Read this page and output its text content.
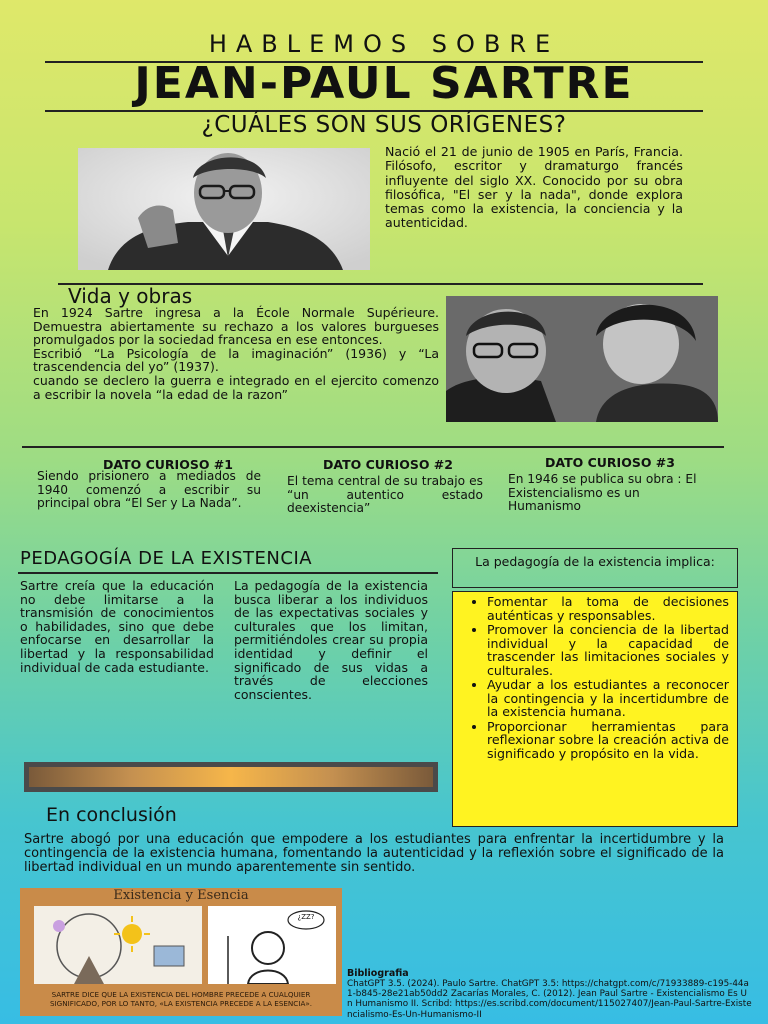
HABLEMOS SOBRE
JEAN-PAUL SARTRE
¿CUÁLES SON SUS ORÍGENES?
Nació el 21 de junio de 1905 en París, Francia. Filósofo, escritor y dramaturgo francés influyente del siglo XX. Conocido por su obra filosófica, "El ser y la nada", donde explora temas como la existencia, la conciencia y la autenticidad.
Vida y obras
En 1924 Sartre ingresa a la École Normale Supérieure. Demuestra abiertamente su rechazo a los valores burgueses promulgados por la sociedad francesa en ese entonces.
Escribió “La Psicología de la imaginación” (1936) y “La trascendencia del yo” (1937).
cuando se declero la guerra e integrado en el ejercito comenzo a escribir la novela “la edad de la razon”
DATO CURIOSO #1
Siendo prisionero a mediados de 1940 comenzó a escribir su principal obra “El Ser y La Nada”.
DATO CURIOSO #2
El tema central de su trabajo es “un autentico estado deexistencia”
DATO CURIOSO #3
En 1946 se publica su obra : El Existencialismo es un Humanismo
PEDAGOGÍA DE LA EXISTENCIA
Sartre creía que la educación no debe limitarse a la transmisión de conocimientos o habilidades, sino que debe enfocarse en desarrollar la libertad y la responsabilidad individual de cada estudiante.
La pedagogía de la existencia busca liberar a los individuos de las expectativas sociales y culturales que los limitan, permitiéndoles crear su propia identidad y definir el significado de sus vidas a través de elecciones conscientes.
La pedagogía de la existencia implica:
• Fomentar la toma de decisiones auténticas y responsables.
• Promover la conciencia de la libertad individual y la capacidad de trascender las limitaciones sociales y culturales.
• Ayudar a los estudiantes a reconocer la contingencia y la incertidumbre de la existencia humana.
• Proporcionar herramientas para reflexionar sobre la creación activa de significado y propósito en la vida.
En conclusión
Sartre abogó por una educación que empodere a los estudiantes para enfrentar la incertidumbre y la contingencia de la existencia humana, fomentando la autenticidad y la reflexión sobre el significado de la libertad individual en un mundo aparentemente sin sentido.
Existencia y Esencia
¿ZZ?
SARTRE DICE QUE LA EXISTENCIA DEL HOMBRE PRECEDE A CUALQUIER SIGNIFICADO, POR LO TANTO, «LA EXISTENCIA PRECEDE A LA ESENCIA».
Bibliografia
ChatGPT 3.5. (2024). Paulo Sartre. ChatGPT 3.5: https://chatgpt.com/c/71933889-c195-44a1-b845-28e21ab50dd2 Zacarías Morales, C. (2012). Jean Paul Sartre - Existencialismo Es Un Humanismo II. Scribd: https://es.scribd.com/document/115027407/Jean-Paul-Sartre-Existencialismo-Es-Un-Humanismo-II
